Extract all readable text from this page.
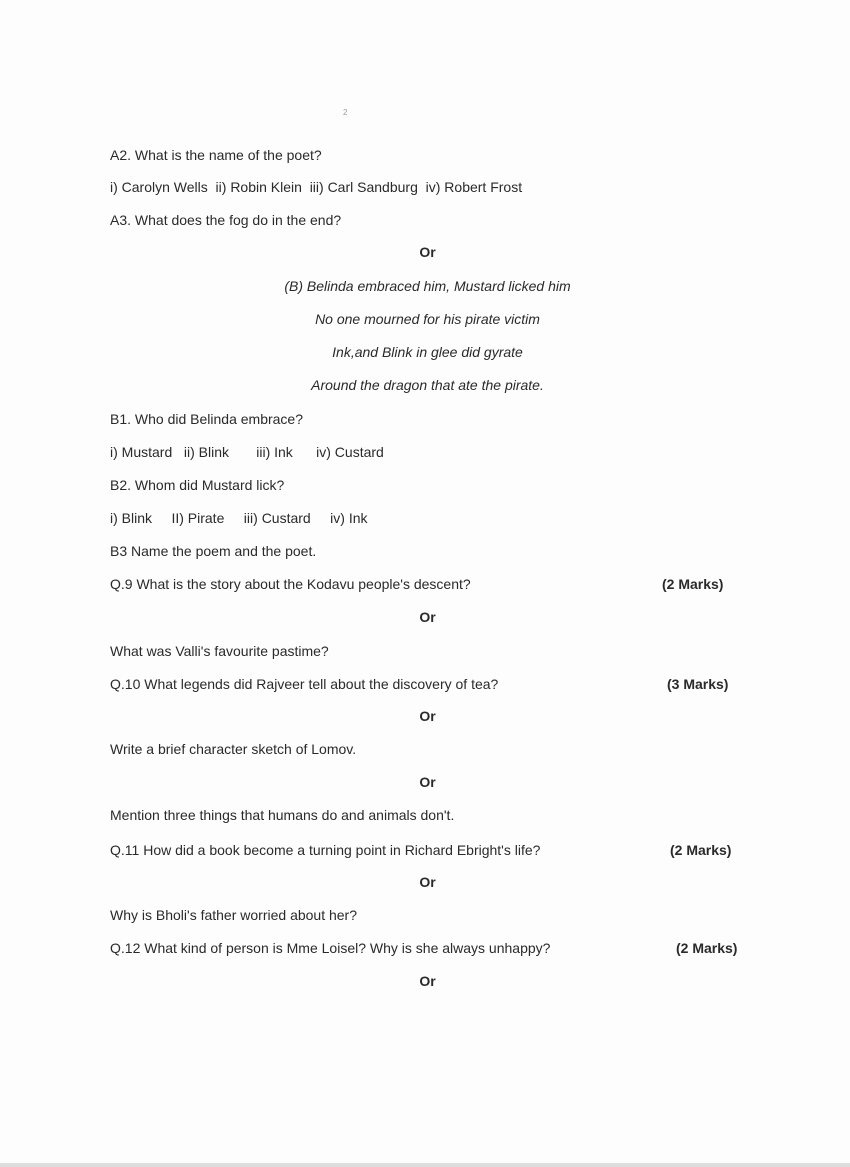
2
A2. What is the name of the poet?
i) Carolyn Wells  ii) Robin Klein  iii) Carl Sandburg  iv) Robert Frost
A3. What does the fog do in the end?
Or
(B) Belinda embraced him, Mustard licked him
No one mourned for his pirate victim
Ink,and Blink in glee did gyrate
Around the dragon that ate the pirate.
B1. Who did Belinda embrace?
i) Mustard   ii) Blink       iii) Ink      iv) Custard
B2. Whom did Mustard lick?
i) Blink     II) Pirate     iii) Custard     iv) Ink
B3 Name the poem and the poet.
Q.9 What is the story about the Kodavu people's descent?	(2 Marks)
Or
What was Valli's favourite pastime?
Q.10 What legends did Rajveer tell about the discovery of tea?	(3 Marks)
Or
Write a brief character sketch of Lomov.
Or
Mention three things that humans do and animals don't.
Q.11 How did a book become a turning point in Richard Ebright's life?	(2 Marks)
Or
Why is Bholi's father worried about her?
Q.12 What kind of person is Mme Loisel? Why is she always unhappy?	(2 Marks)
Or
